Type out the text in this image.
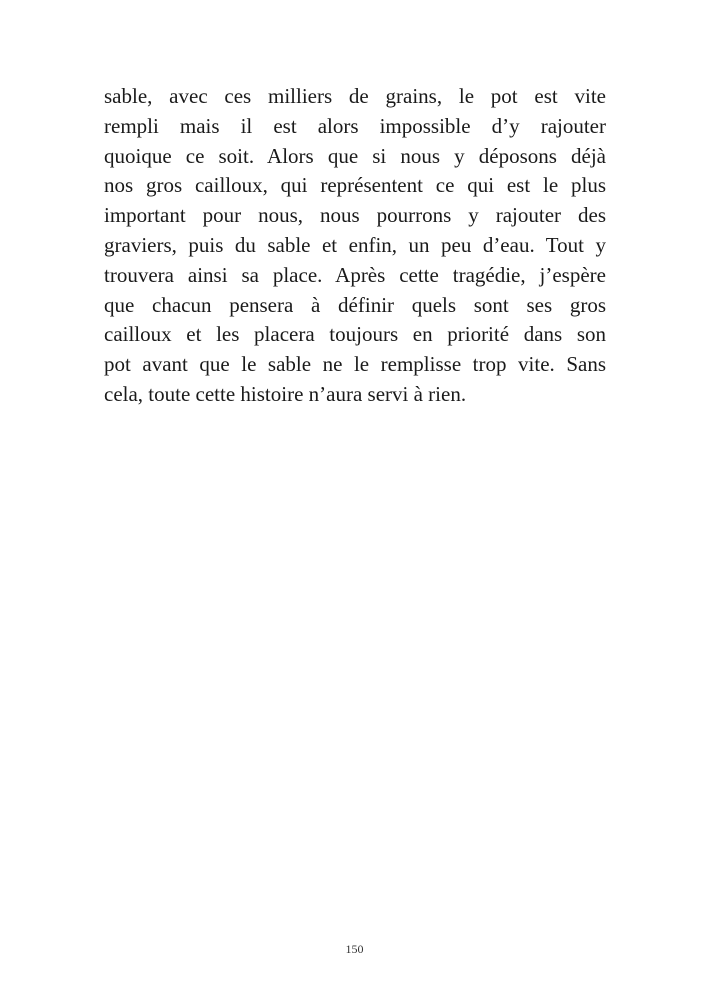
sable, avec ces milliers de grains, le pot est vite
rempli mais il est alors impossible d’y rajouter
quoique ce soit. Alors que si nous y déposons déjà
nos gros cailloux, qui représentent ce qui est le plus
important pour nous, nous pourrons y rajouter des
graviers, puis du sable et enfin, un peu d’eau. Tout y
trouvera ainsi sa place. Après cette tragédie, j’espère
que chacun pensera à définir quels sont ses gros
cailloux et les placera toujours en priorité dans son
pot avant que le sable ne le remplisse trop vite. Sans
cela, toute cette histoire n’aura servi à rien.
150
